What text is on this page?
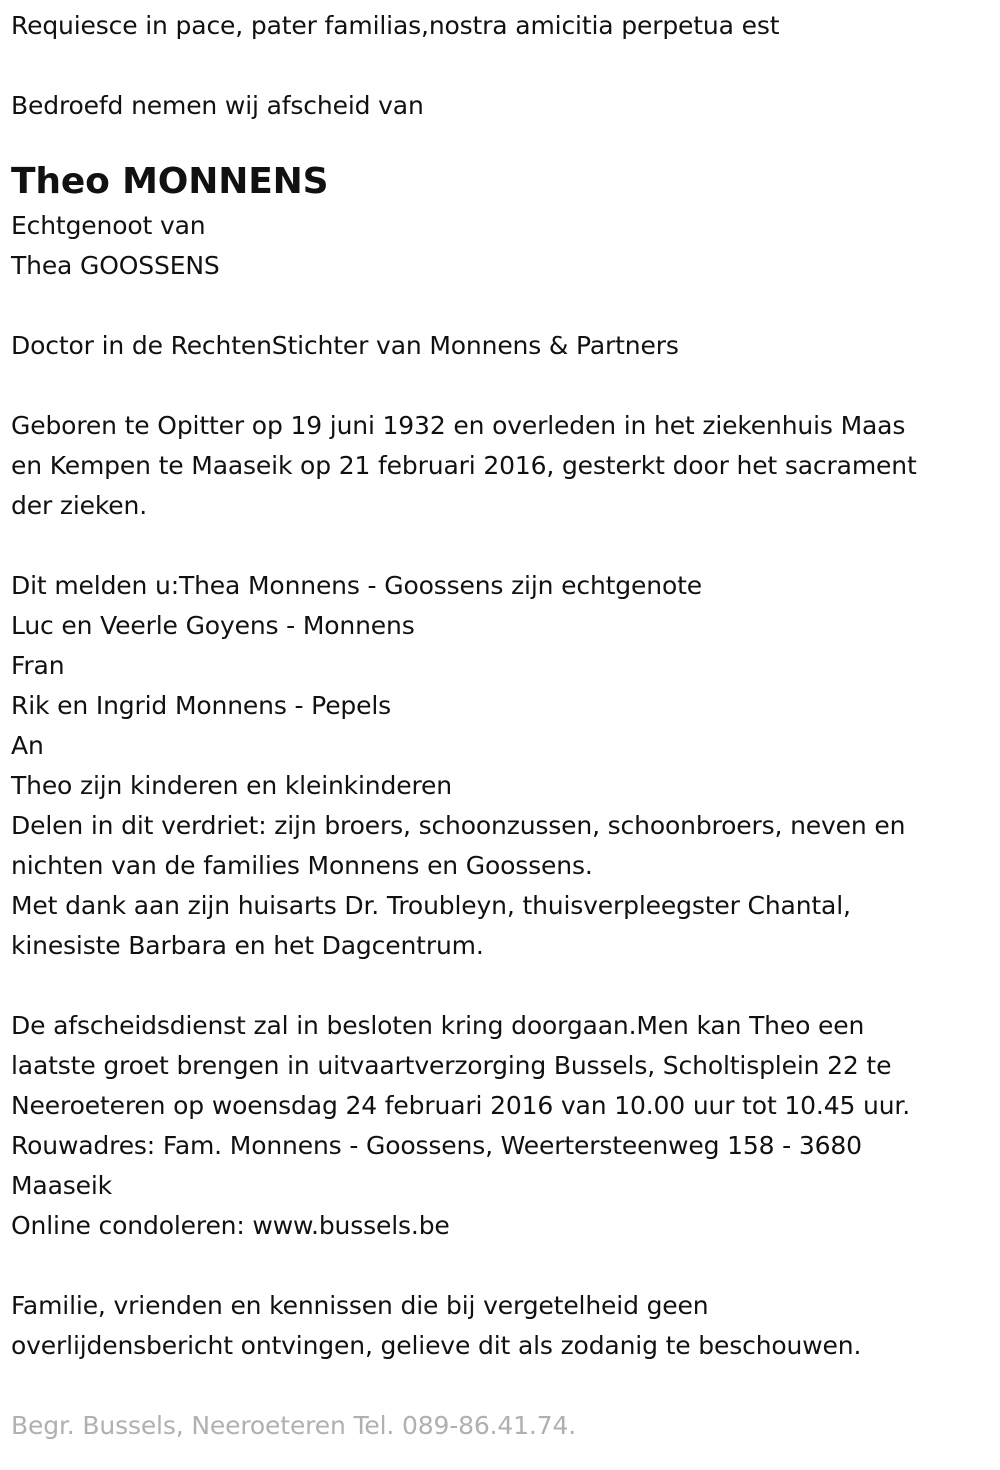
Requiesce in pace, pater familias,nostra amicitia perpetua est
Bedroefd nemen wij afscheid van
Theo MONNENS
Echtgenoot van
Thea GOOSSENS
Doctor in de RechtenStichter van Monnens & Partners
Geboren te Opitter op 19 juni 1932 en overleden in het ziekenhuis Maas
en Kempen te Maaseik op 21 februari 2016, gesterkt door het sacrament
der zieken.
Dit melden u:Thea Monnens - Goossens zijn echtgenote
Luc en Veerle Goyens - Monnens
Fran
Rik en Ingrid Monnens - Pepels
An
Theo zijn kinderen en kleinkinderen
Delen in dit verdriet: zijn broers, schoonzussen, schoonbroers, neven en
nichten van de families Monnens en Goossens.
Met dank aan zijn huisarts Dr. Troubleyn, thuisverpleegster Chantal,
kinesiste Barbara en het Dagcentrum.
De afscheidsdienst zal in besloten kring doorgaan.Men kan Theo een
laatste groet brengen in uitvaartverzorging Bussels, Scholtisplein 22 te
Neeroeteren op woensdag 24 februari 2016 van 10.00 uur tot 10.45 uur.
Rouwadres: Fam. Monnens - Goossens, Weertersteenweg 158 - 3680
Maaseik
Online condoleren: www.bussels.be
Familie, vrienden en kennissen die bij vergetelheid geen
overlijdensbericht ontvingen, gelieve dit als zodanig te beschouwen.
Begr. Bussels, Neeroeteren Tel. 089-86.41.74.
